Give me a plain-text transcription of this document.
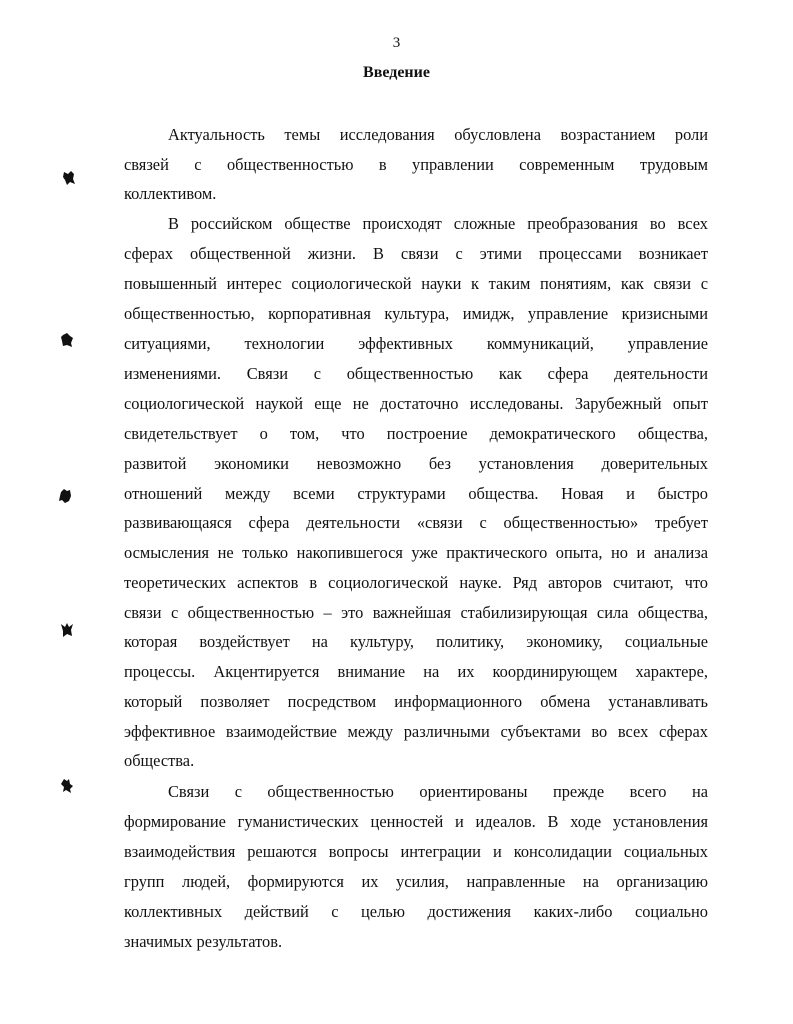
3
Введение
Актуальность темы исследования обусловлена возрастанием роли
связей с общественностью в управлении современным трудовым
коллективом.
В российском обществе происходят сложные преобразования во всех
сферах общественной жизни. В связи с этими процессами возникает
повышенный интерес социологической науки к таким понятиям, как связи с
общественностью, корпоративная культура, имидж, управление кризисными
ситуациями, технологии эффективных коммуникаций, управление
изменениями. Связи с общественностью как сфера деятельности
социологической наукой еще не достаточно исследованы. Зарубежный опыт
свидетельствует о том, что построение демократического общества,
развитой экономики невозможно без установления доверительных
отношений между всеми структурами общества. Новая и быстро
развивающаяся сфера деятельности «связи с общественностью» требует
осмысления не только накопившегося уже практического опыта, но и анализа
теоретических аспектов в социологической науке. Ряд авторов считают, что
связи с общественностью – это важнейшая стабилизирующая сила общества,
которая воздействует на культуру, политику, экономику, социальные
процессы. Акцентируется внимание на их координирующем характере,
который позволяет посредством информационного обмена устанавливать
эффективное взаимодействие между различными субъектами во всех сферах
общества.
Связи с общественностью ориентированы прежде всего на
формирование гуманистических ценностей и идеалов. В ходе установления
взаимодействия решаются вопросы интеграции и консолидации социальных
групп людей, формируются их усилия, направленные на организацию
коллективных действий с целью достижения каких-либо социально
значимых результатов.
